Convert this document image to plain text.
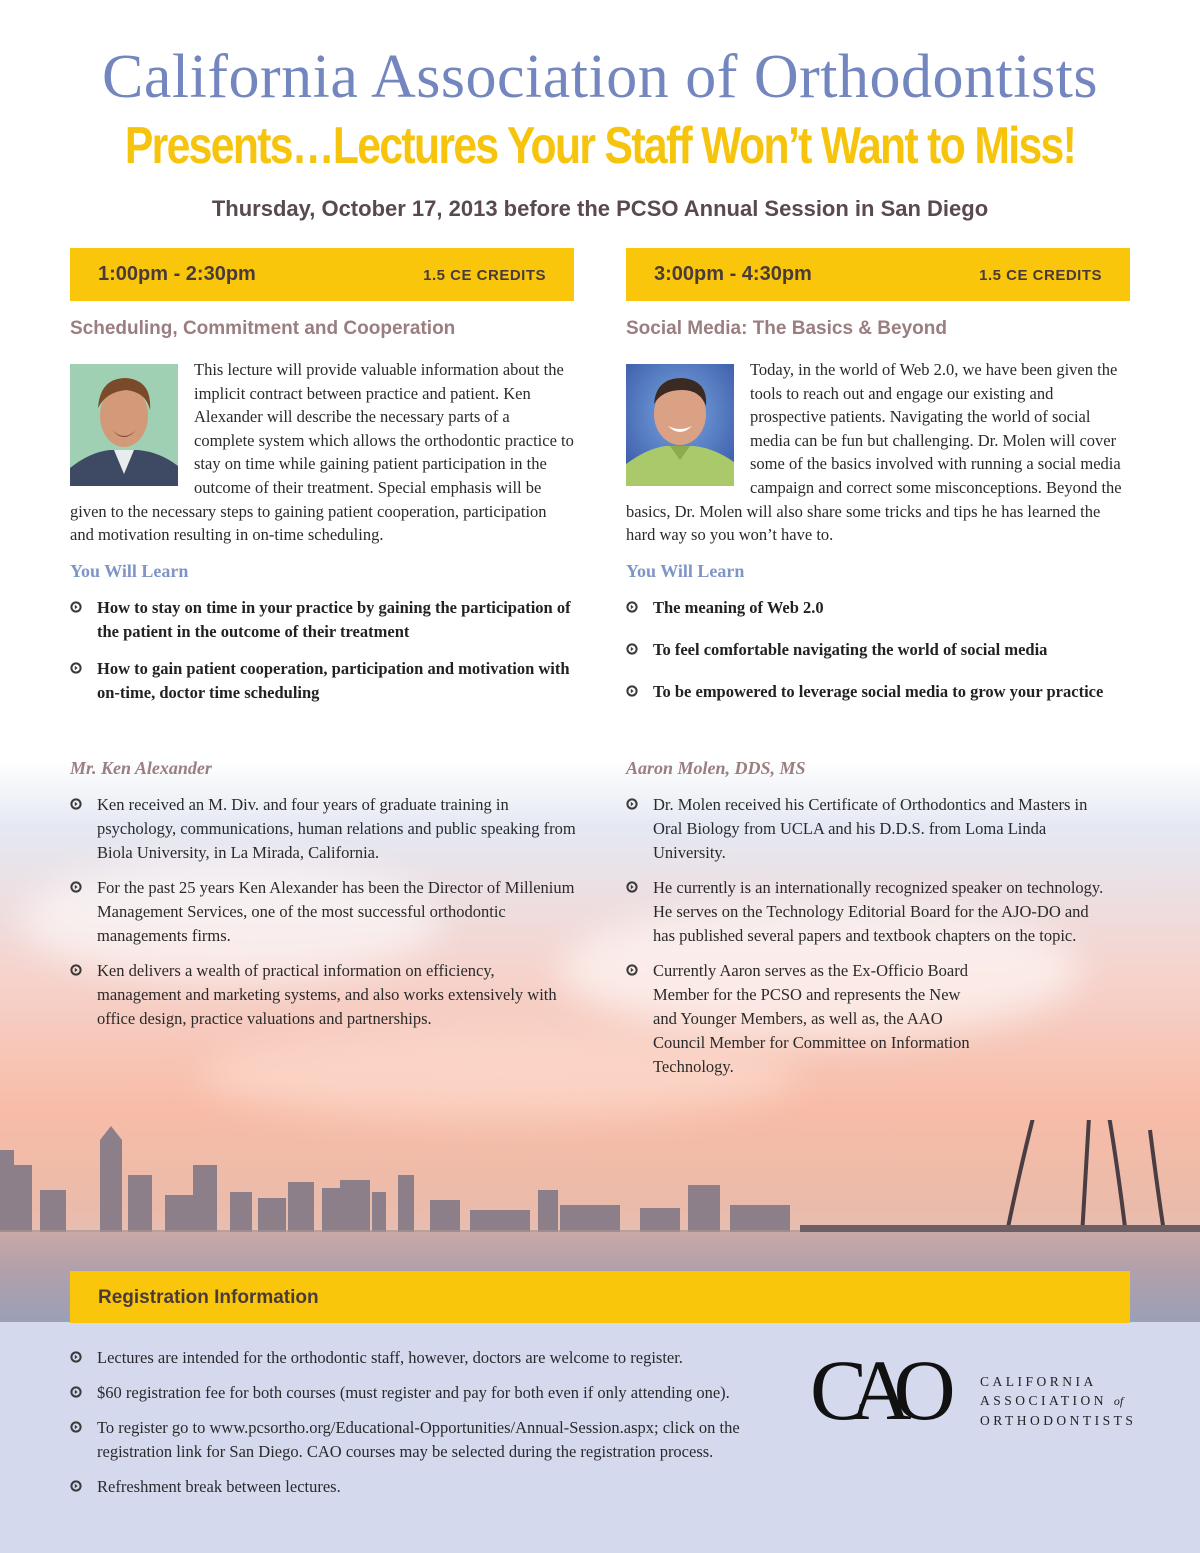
California Association of Orthodontists
Presents…Lectures Your Staff Won’t Want to Miss!
Thursday, October 17, 2013 before the PCSO Annual Session in San Diego
1:00pm - 2:30pm	1.5 CE CREDITS	3:00pm - 4:30pm	1.5 CE CREDITS
Scheduling, Commitment and Cooperation

This lecture will provide valuable information about the implicit contract between practice and patient. Ken Alexander will describe the necessary parts of a complete system which allows the orthodontic practice to stay on time while gaining patient participation in the outcome of their treatment. Special emphasis will be given to the necessary steps to gaining patient cooperation, participation and motivation resulting in on-time scheduling.

You Will Learn
How to stay on time in your practice by gaining the participation of the patient in the outcome of their treatment
How to gain patient cooperation, participation and motivation with on-time, doctor time scheduling
Social Media: The Basics & Beyond

Today, in the world of Web 2.0, we have been given the tools to reach out and engage our existing and prospective patients. Navigating the world of social media can be fun but challenging. Dr. Molen will cover some of the basics involved with running a social media campaign and correct some misconceptions. Beyond the basics, Dr. Molen will also share some tricks and tips he has learned the hard way so you won’t have to.

You Will Learn
The meaning of Web 2.0
To feel comfortable navigating the world of social media
To be empowered to leverage social media to grow your practice
Mr. Ken Alexander
Ken received an M. Div. and four years of graduate training in psychology, communications, human relations and public speaking from Biola University, in La Mirada, California.
For the past 25 years Ken Alexander has been the Director of Millenium Management Services, one of the most successful orthodontic managements firms.
Ken delivers a wealth of practical information on efficiency, management and marketing systems, and also works extensively with office design, practice valuations and partnerships.
Aaron Molen, DDS, MS
Dr. Molen received his Certificate of Orthodontics and Masters in Oral Biology from UCLA and his D.D.S. from Loma Linda University.
He currently is an internationally recognized speaker on technology. He serves on the Technology Editorial Board for the AJO-DO and has published several papers and textbook chapters on the topic.
Currently Aaron serves as the Ex-Officio Board Member for the PCSO and represents the New and Younger Members, as well as, the AAO Council Member for Committee on Information Technology.
Registration Information
Lectures are intended for the orthodontic staff, however, doctors are welcome to register.
$60 registration fee for both courses (must register and pay for both even if only attending one).
To register go to www.pcsortho.org/Educational-Opportunities/Annual-Session.aspx; click on the registration link for San Diego. CAO courses may be selected during the registration process.
Refreshment break between lectures.
CAO	CALIFORNIA
ASSOCIATION of
ORTHODONTISTS
